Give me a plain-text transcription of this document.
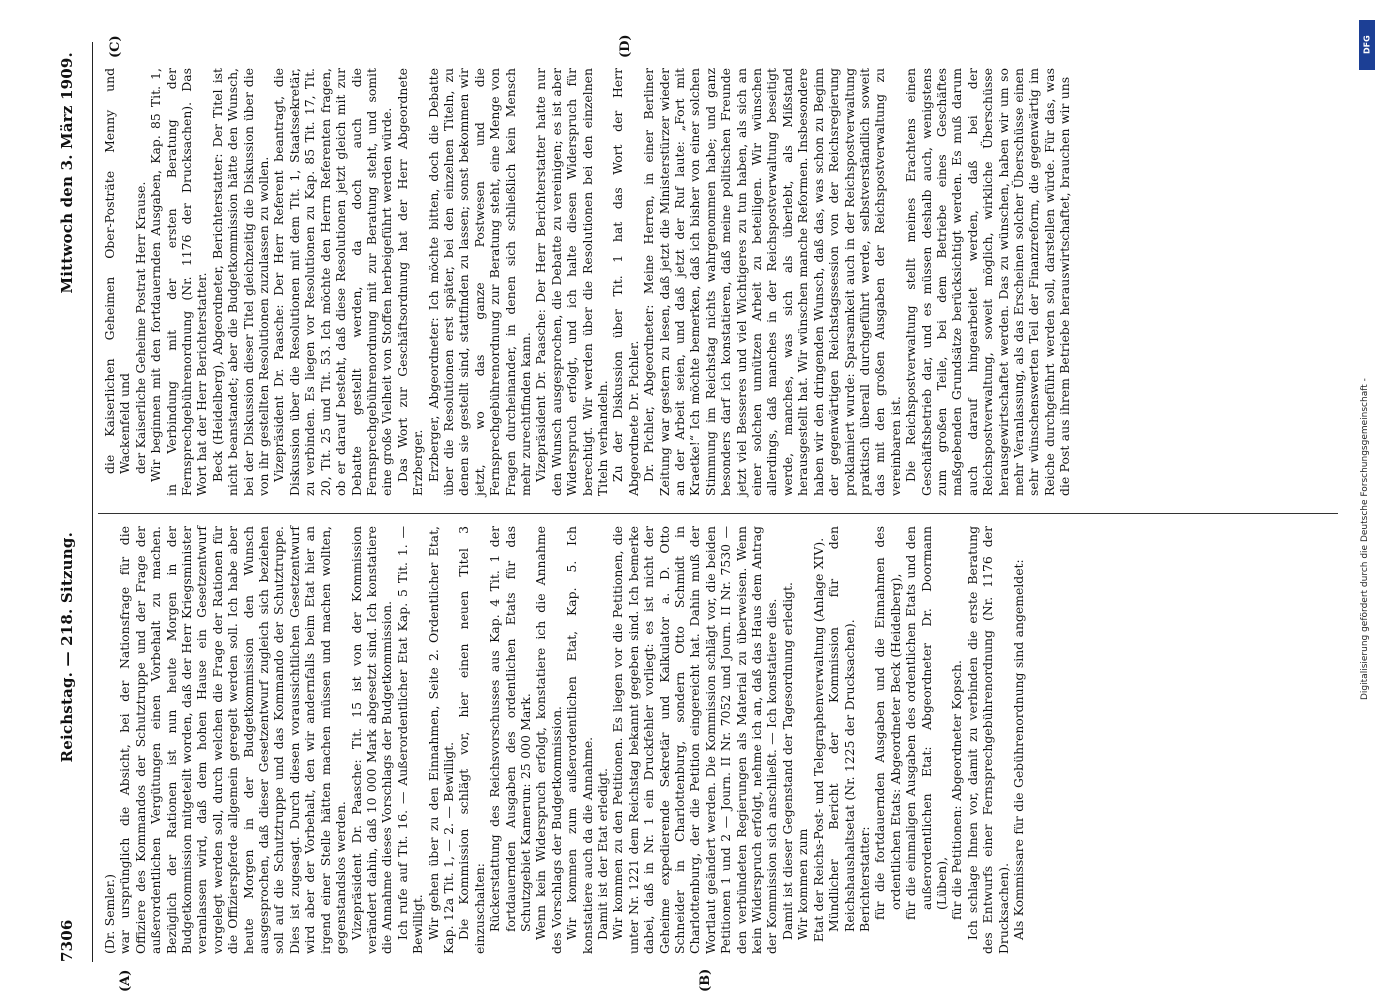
7306
Reichstag. — 218. Sitzung.
Mittwoch den 3. März 1909.
(A)	(B)
(C)	(D)

(Dr. Semler.) war ursprünglich die Absicht, bei der Nationsfrage für die Offiziere des Kommandos der Schutztruppe und der Frage der außerordentlichen Vergütungen einen Vorbehalt zu machen. Bezüglich der Rationen ist nun heute Morgen in der Budgetkommission mitgeteilt worden, daß der Herr Kriegsminister veranlassen wird, daß dem hohen Hause ein Gesetzentwurf vorgelegt werden soll, durch welchen die Frage der Rationen für die Offizierspferde allgemein geregelt werden soll. Ich habe aber heute Morgen in der Budgetkommission den Wunsch ausgesprochen, daß dieser Gesetzentwurf zugleich sich beziehen soll auf die Schutztruppe und das Kommando der Schutztruppe. Dies ist zugesagt. Durch diesen voraussichtlichen Gesetzentwurf wird aber der Vorbehalt, den wir andernfalls beim Etat hier an irgend einer Stelle hätten machen müssen und machen wollten, gegenstandslos werden. Vizepräsident Dr. Paasche: Tit. 15 ist von der Kommission verändert dahin, daß 10 000 Mark abgesetzt sind. Ich konstatiere die Annahme dieses Vorschlags der Budgetkommission. Ich rufe auf Tit. 16. — Außerordentlicher Etat Kap. 5 Tit. 1. — Bewilligt. Wir gehen über zu den Einnahmen, Seite 2. Ordentlicher Etat, Kap. 12a Tit. 1, — 2. — Bewilligt. Die Kommission schlägt vor, hier einen neuen Titel 3 einzuschalten: Rückerstattung des Reichsvorschusses aus Kap. 4 Tit. 1 der fortdauernden Ausgaben des ordentlichen Etats für das Schutzgebiet Kamerun: 25 000 Mark. Wenn kein Widerspruch erfolgt, konstatiere ich die Annahme des Vorschlags der Budgetkommission. Wir kommen zum außerordentlichen Etat, Kap. 5. Ich konstatiere auch da die Annahme. Damit ist der Etat erledigt. Wir kommen zu den Petitionen. Es liegen vor die Petitionen, die unter Nr. 1221 dem Reichstag bekannt gegeben sind. Ich bemerke dabei, daß in Nr. 1 ein Druckfehler vorliegt: es ist nicht der Geheime expedierende Sekretär und Kalkulator a. D. Otto Schneider in Charlottenburg, sondern Otto Schmidt in Charlottenburg, der die Petition eingereicht hat. Dahin muß der Wortlaut geändert werden. Die Kommission schlägt vor, die beiden Petitionen 1 und 2 — Journ. II Nr. 7052 und Journ. II Nr. 7530 — den verbündeten Regierungen als Material zu überweisen. Wenn kein Widerspruch erfolgt, nehme ich an, daß das Haus dem Antrag der Kommission sich anschließt. — Ich konstatiere dies. Damit ist dieser Gegenstand der Tagesordnung erledigt. Wir kommen zum Etat der Reichs-Post- und Telegraphenverwaltung (Anlage XIV). Mündlicher Bericht der Kommission für den Reichshaushaltsetat (Nr. 1225 der Drucksachen). Berichterstatter: für die fortdauernden Ausgaben und die Einnahmen des ordentlichen Etats: Abgeordneter Beck (Heidelberg), für die einmaligen Ausgaben des ordentlichen Etats und den außerordentlichen Etat: Abgeordneter Dr. Doormann (Lüben), für die Petitionen: Abgeordneter Kopsch. Ich schlage Ihnen vor, damit zu verbinden die erste Beratung des Entwurfs einer Fernsprechgebührenordnung (Nr. 1176 der Drucksachen). Als Kommissare für die Gebührenordnung sind angemeldet:

die Kaiserlichen Geheimen Ober-Posträte Menny und Wackenfeld und der Kaiserliche Geheime Postrat Herr Krause. Wir beginnen mit den fortdauernden Ausgaben, Kap. 85 Tit. 1, in Verbindung mit der ersten Beratung der Fernsprechgebührenordnung (Nr. 1176 der Drucksachen). Das Wort hat der Herr Berichterstatter. Beck (Heidelberg), Abgeordneter, Berichterstatter: Der Titel ist nicht beanstandet; aber die Budgetkommission hätte den Wunsch, bei der Diskussion dieser Titel gleichzeitig die Diskussion über die von ihr gestellten Resolutionen zuzulassen zu wollen. Vizepräsident Dr. Paasche: Der Herr Referent beantragt, die Diskussion über die Resolutionen mit dem Tit. 1, Staatssekretär, zu verbinden. Es liegen vor Resolutionen zu Kap. 85 Tit. 17, Tit. 20, Tit. 25 und Tit. 53. Ich möchte den Herrn Referenten fragen, ob er darauf besteht, daß diese Resolutionen jetzt gleich mit zur Debatte gestellt werden, da doch auch die Fernsprechgebührenordnung mit zur Beratung steht, und somit eine große Vielheit von Stoffen herbeigeführt werden würde. Das Wort zur Geschäftsordnung hat der Herr Abgeordnete Erzberger. Erzberger, Abgeordneter: Ich möchte bitten, doch die Debatte über die Resolutionen erst später, bei den einzelnen Titeln, zu denen sie gestellt sind, stattfinden zu lassen; sonst bekommen wir jetzt, wo das ganze Postwesen und die Fernsprechgebührenordnung zur Beratung steht, eine Menge von Fragen durcheinander, in denen sich schließlich kein Mensch mehr zurechtfinden kann. Vizepräsident Dr. Paasche: Der Herr Berichterstatter hatte nur den Wunsch ausgesprochen, die Debatte zu vereinigen; es ist aber Widerspruch erfolgt, und ich halte diesen Widerspruch für berechtigt. Wir werden über die Resolutionen bei den einzelnen Titeln verhandeln. Zu der Diskussion über Tit. 1 hat das Wort der Herr Abgeordnete Dr. Pichler. Dr. Pichler, Abgeordneter: Meine Herren, in einer Berliner Zeitung war gestern zu lesen, daß jetzt die Ministerstürzer wieder an der Arbeit seien, und daß jetzt der Ruf laute: „Fort mit Kraetke!“ Ich möchte bemerken, daß ich bisher von einer solchen Stimmung im Reichstag nichts wahrgenommen habe; und ganz besonders darf ich konstatieren, daß meine politischen Freunde jetzt viel Besseres und viel Wichtigeres zu tun haben, als sich an einer solchen unnützen Arbeit zu beteiligen. Wir wünschen allerdings, daß manches in der Reichspostverwaltung beseitigt werde, manches, was sich als überlebt, als Mißstand herausgestellt hat. Wir wünschen manche Reformen. Insbesondere haben wir den dringenden Wunsch, daß das, was schon zu Beginn der gegenwärtigen Reichstagssession von der Reichsregierung proklamiert wurde: Sparsamkeit auch in der Reichspostverwaltung praktisch überall durchgeführt werde, selbstverständlich soweit das mit den großen Ausgaben der Reichspostverwaltung zu vereinbaren ist. Die Reichspostverwaltung stellt meines Erachtens einen Geschäftsbetrieb dar, und es müssen deshalb auch, wenigstens zum großen Teile, bei dem Betriebe eines Geschäftes maßgebenden Grundsätze berücksichtigt werden. Es muß darum auch darauf hingearbeitet werden, daß bei der Reichspostverwaltung, soweit möglich, wirkliche Überschüsse herausgewirtschaftet werden. Das zu wünschen, haben wir um so mehr Veranlassung, als das Erscheinen solcher Überschüsse einen sehr wünschenswerten Teil der Finanzreform, die gegenwärtig im Reiche durchgeführt werden soll, darstellen würde. Für das, was die Post aus ihrem Betriebe herauswirtschaftet, brauchen wir uns

DFG
Digitalisierung gefördert durch die Deutsche Forschungsgemeinschaft -
